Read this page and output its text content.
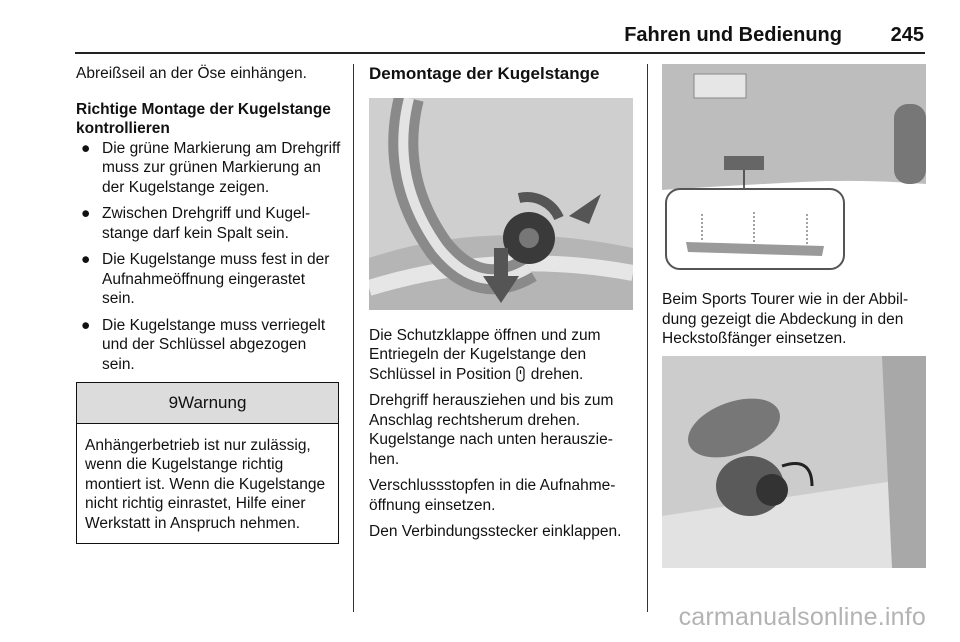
Fahren und Bedienung 245

Abreißseil an der Öse einhängen.

Richtige Montage der Kugelstange kontrollieren
● Die grüne Markierung am Drehgriff muss zur grünen Markierung an der Kugelstange zeigen.
● Zwischen Drehgriff und Kugelstange darf kein Spalt sein.
● Die Kugelstange muss fest in der Aufnahmeöffnung eingerastet sein.
● Die Kugelstange muss verriegelt und der Schlüssel abgezogen sein.
9Warnung
Anhängerbetrieb ist nur zulässig, wenn die Kugelstange richtig montiert ist. Wenn die Kugelstange nicht richtig einrastet, Hilfe einer Werkstatt in Anspruch nehmen.
Demontage der Kugelstange

Die Schutzklappe öffnen und zum Entriegeln der Kugelstange den Schlüssel in Position drehen.

Drehgriff herausziehen und bis zum Anschlag rechtsherum drehen. Kugelstange nach unten herausziehen.

Verschlussstopfen in die Aufnahmeöffnung einsetzen.

Den Verbindungsstecker einklappen.

Beim Sports Tourer wie in der Abbildung gezeigt die Abdeckung in den Heckstoßfänger einsetzen.

carmanualsonline.info
